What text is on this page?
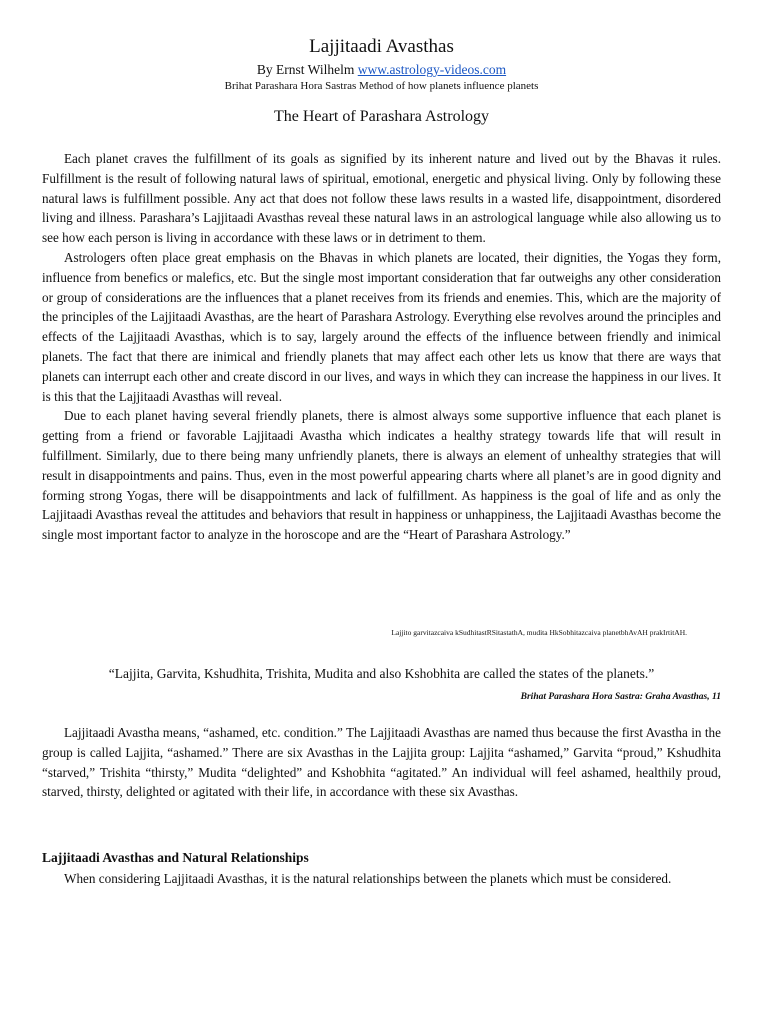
Lajjitaadi Avasthas
By Ernst Wilhelm www.astrology-videos.com
Brihat Parashara Hora Sastras Method of how planets influence planets
The Heart of Parashara Astrology

Each planet craves the fulfillment of its goals as signified by its inherent nature and lived out by the Bhavas it rules. Fulfillment is the result of following natural laws of spiritual, emotional, energetic and physical living. Only by following these natural laws is fulfillment possible. Any act that does not follow these laws results in a wasted life, disappointment, disordered living and illness. Parashara’s Lajjitaadi Avasthas reveal these natural laws in an astrological language while also allowing us to see how each person is living in accordance with these laws or in detriment to them.

Astrologers often place great emphasis on the Bhavas in which planets are located, their dignities, the Yogas they form, influence from benefics or malefics, etc. But the single most important consideration that far outweighs any other consideration or group of considerations are the influences that a planet receives from its friends and enemies. This, which are the majority of the principles of the Lajjitaadi Avasthas, are the heart of Parashara Astrology. Everything else revolves around the principles and effects of the Lajjitaadi Avasthas, which is to say, largely around the effects of the influence between friendly and inimical planets. The fact that there are inimical and friendly planets that may affect each other lets us know that there are ways that planets can interrupt each other and create discord in our lives, and ways in which they can increase the happiness in our lives. It is this that the Lajjitaadi Avasthas will reveal.

Due to each planet having several friendly planets, there is almost always some supportive influence that each planet is getting from a friend or favorable Lajjitaadi Avastha which indicates a healthy strategy towards life that will result in fulfillment. Similarly, due to there being many unfriendly planets, there is always an element of unhealthy strategies that will result in disappointments and pains. Thus, even in the most powerful appearing charts where all planet’s are in good dignity and forming strong Yogas, there will be disappointments and lack of fulfillment. As happiness is the goal of life and as only the Lajjitaadi Avasthas reveal the attitudes and behaviors that result in happiness or unhappiness, the Lajjitaadi Avasthas become the single most important factor to analyze in the horoscope and are the “Heart of Parashara Astrology.”

Lajjito garvitazcaiva kSudhitastRSitastathA, mudita HkSobhitazcaiva planetbhAvAH prakIrtitAH.
“Lajjita, Garvita, Kshudhita, Trishita, Mudita and also Kshobhita are called the states of the planets.”
Brihat Parashara Hora Sastra: Graha Avasthas, 11

Lajjitaadi Avastha means, “ashamed, etc. condition.” The Lajjitaadi Avasthas are named thus because the first Avastha in the group is called Lajjita, “ashamed.” There are six Avasthas in the Lajjita group: Lajjita “ashamed,” Garvita “proud,” Kshudhita “starved,” Trishita “thirsty,” Mudita “delighted” and Kshobhita “agitated.” An individual will feel ashamed, healthily proud, starved, thirsty, delighted or agitated with their life, in accordance with these six Avasthas.

Lajjitaadi Avasthas and Natural Relationships

When considering Lajjitaadi Avasthas, it is the natural relationships between the planets which must be considered.
